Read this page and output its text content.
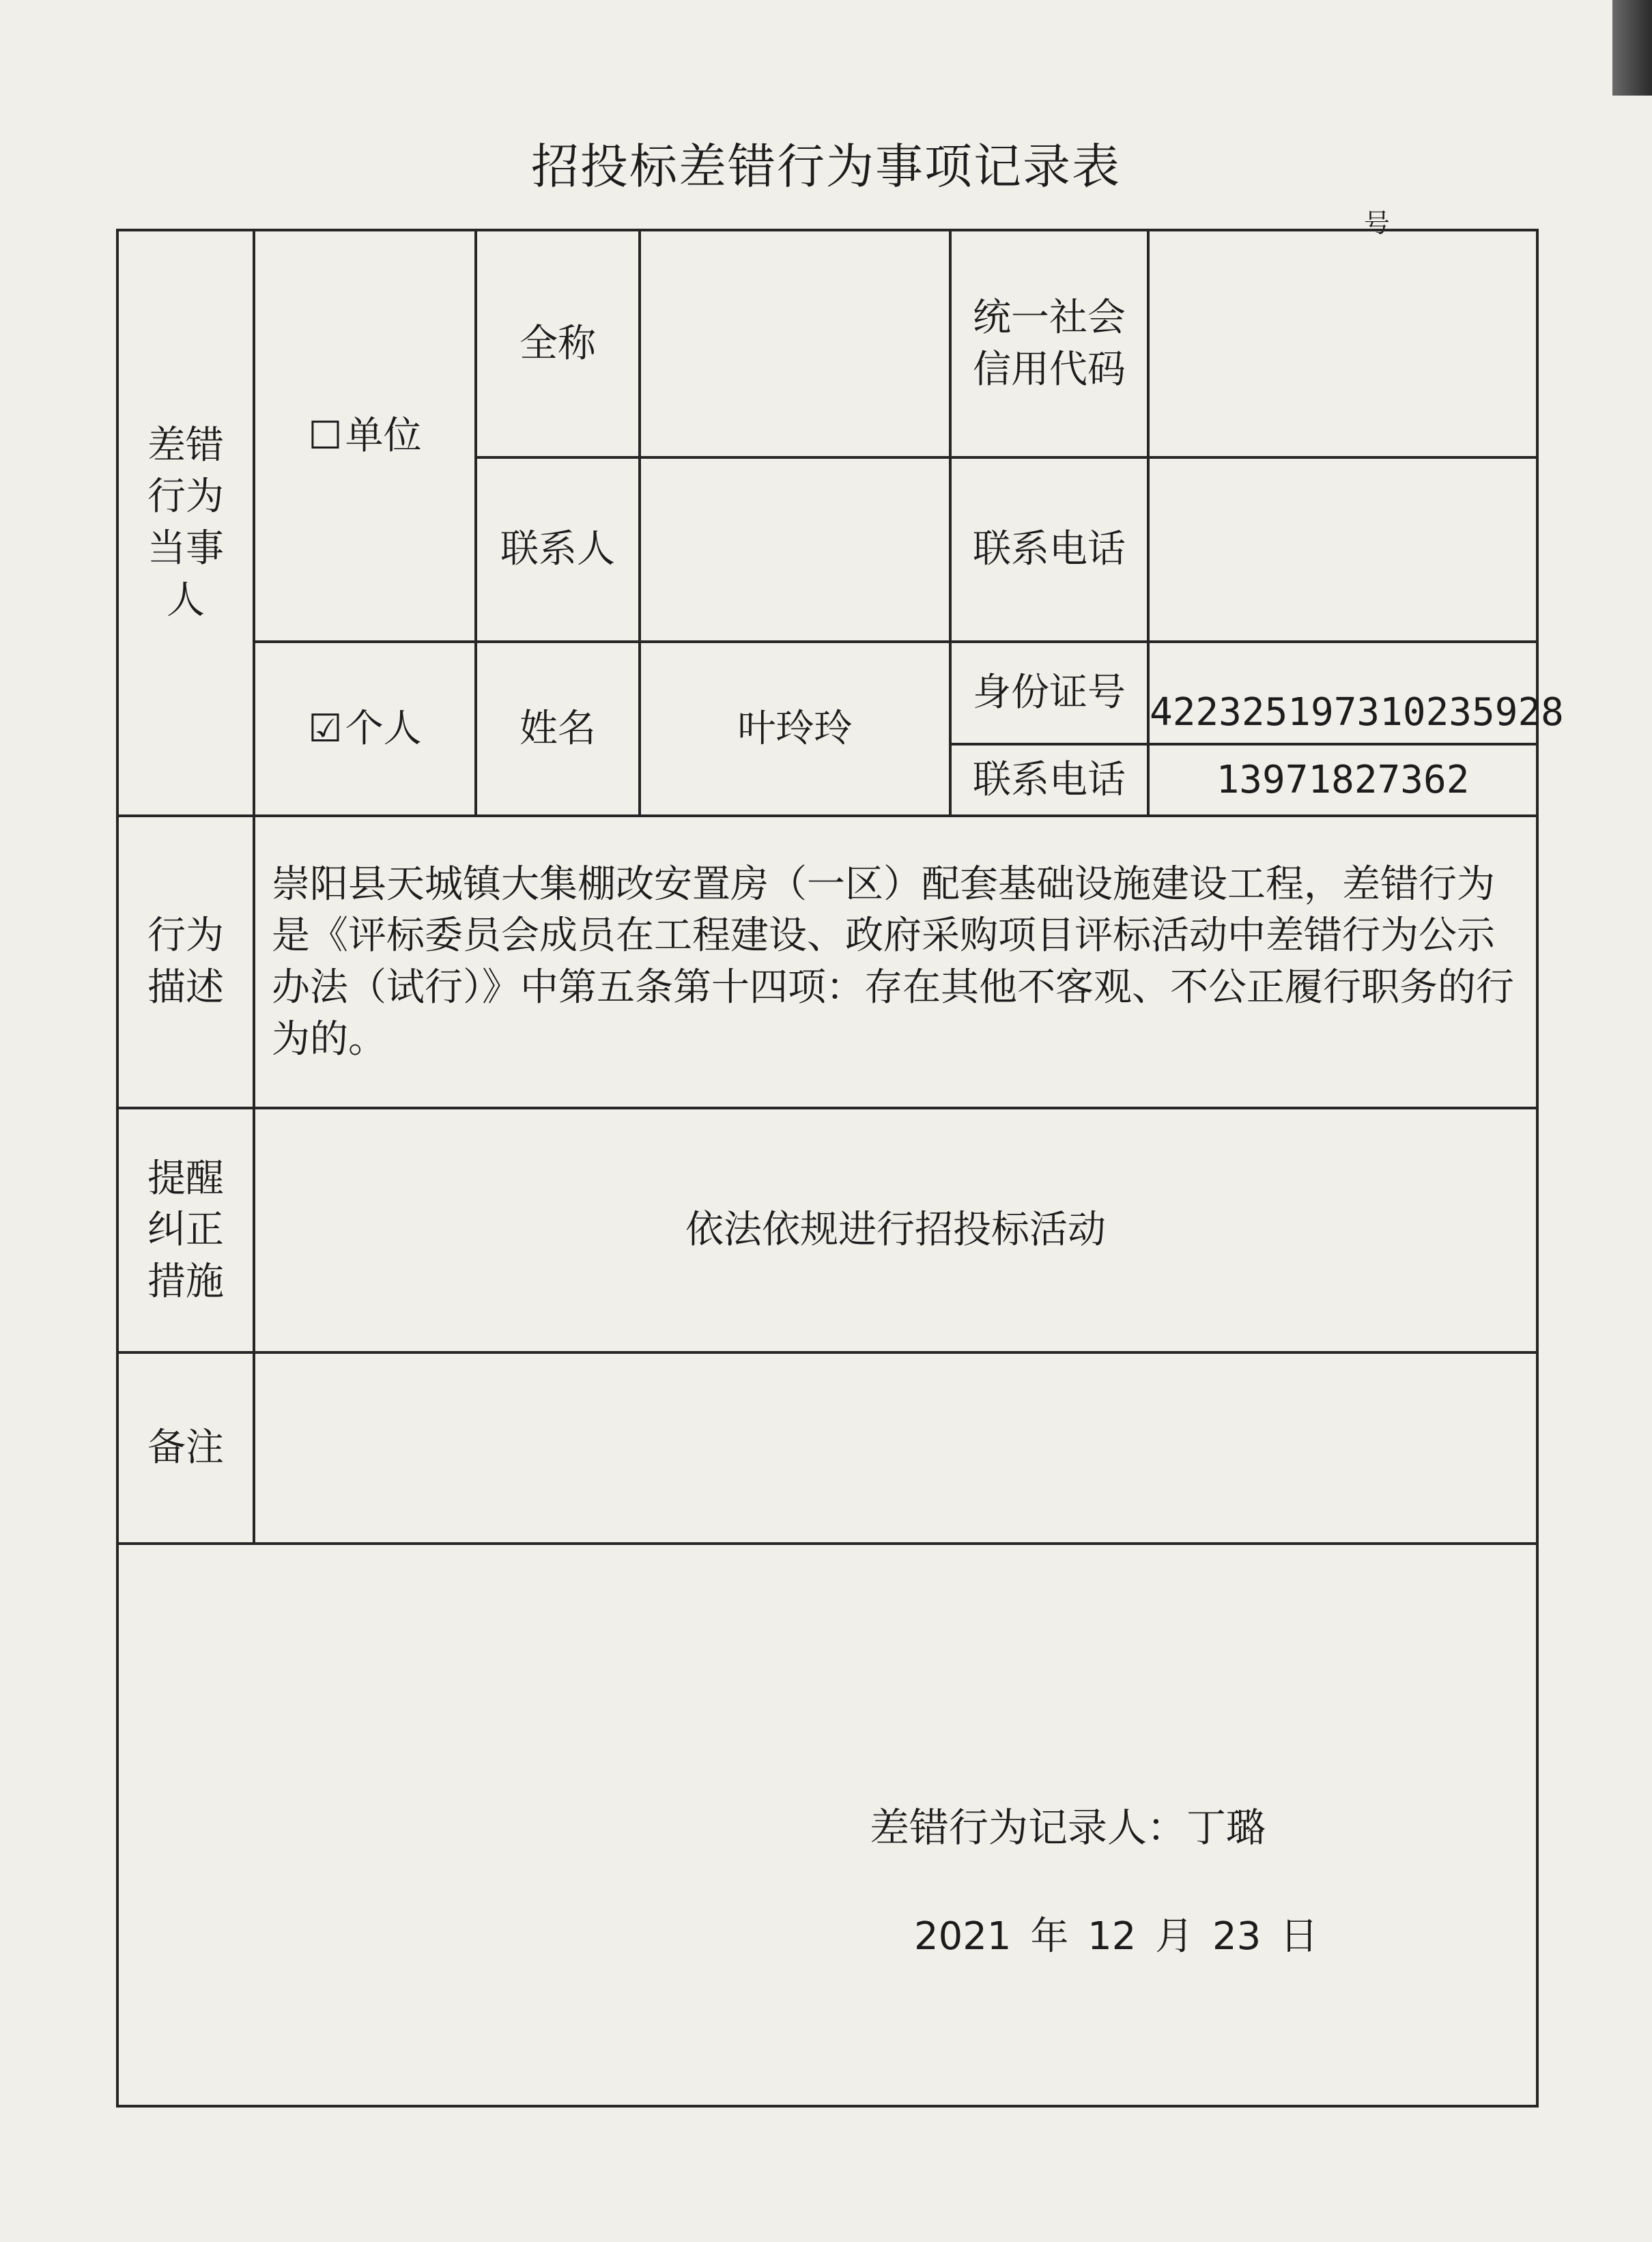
招投标差错行为事项记录表
号
差错行为当事人	☐单位	全称		统一社会信用代码	
		联系人		联系电话	
	☑个人	姓名	叶玲玲	身份证号	422325197310235928
				联系电话	13971827362
行为描述	崇阳县天城镇大集棚改安置房（一区）配套基础设施建设工程，差错行为是《评标委员会成员在工程建设、政府采购项目评标活动中差错行为公示办法（试行）》中第五条第十四项：存在其他不客观、不公正履行职务的行为的。				
提醒纠正措施	依法依规进行招投标活动				
备注					

差错行为记录人：丁璐
2021 年 12 月 23 日					
